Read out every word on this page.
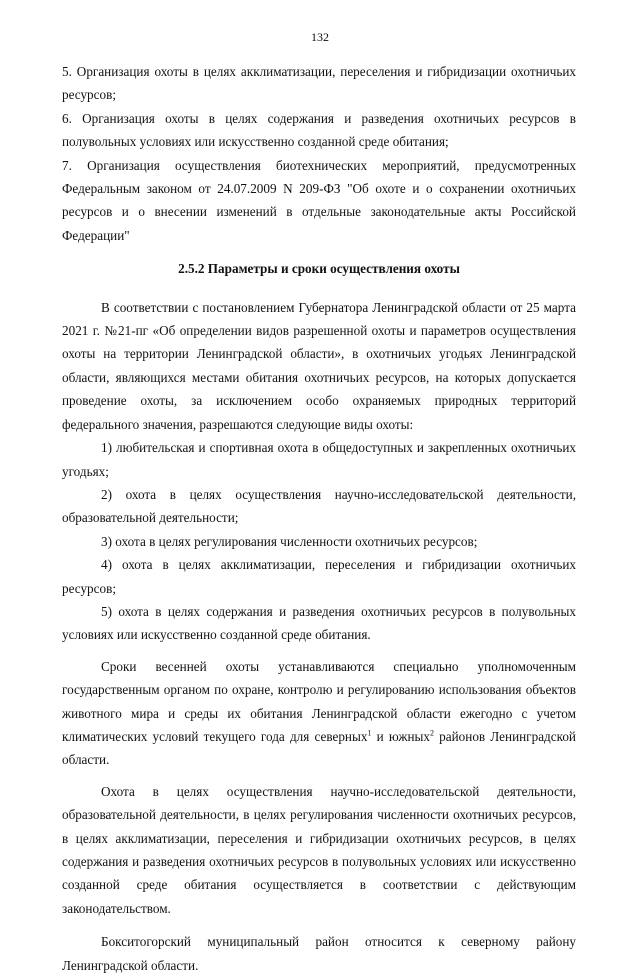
132

5. Организация охоты в целях акклиматизации, переселения и гибридизации охотничьих ресурсов;

6. Организация охоты в целях содержания и разведения охотничьих ресурсов в полувольных условиях или искусственно созданной среде обитания;

7. Организация осуществления биотехнических мероприятий, предусмотренных Федеральным законом от 24.07.2009 N 209-ФЗ "Об охоте и о сохранении охотничьих ресурсов и о внесении изменений в отдельные законодательные акты Российской Федерации"

2.5.2 Параметры и сроки осуществления охоты

В соответствии с постановлением Губернатора Ленинградской области от 25 марта 2021 г. №21-пг «Об определении видов разрешенной охоты и параметров осуществления охоты на территории Ленинградской области», в охотничьих угодьях Ленинградской области, являющихся местами обитания охотничьих ресурсов, на которых допускается проведение охоты, за исключением особо охраняемых природных территорий федерального значения, разрешаются следующие виды охоты:

1) любительская и спортивная охота в общедоступных и закрепленных охотничьих угодьях;

2) охота в целях осуществления научно-исследовательской деятельности, образовательной деятельности;

3) охота в целях регулирования численности охотничьих ресурсов;

4) охота в целях акклиматизации, переселения и гибридизации охотничьих ресурсов;

5) охота в целях содержания и разведения охотничьих ресурсов в полувольных условиях или искусственно созданной среде обитания.

Сроки весенней охоты устанавливаются специально уполномоченным государственным органом по охране, контролю и регулированию использования объектов животного мира и среды их обитания Ленинградской области ежегодно с учетом климатических условий текущего года для северных$^1$ и южных$^2$ районов Ленинградской области.

Охота в целях осуществления научно-исследовательской деятельности, образовательной деятельности, в целях регулирования численности охотничьих ресурсов, в целях акклиматизации, переселения и гибридизации охотничьих ресурсов, в целях содержания и разведения охотничьих ресурсов в полувольных условиях или искусственно созданной среде обитания осуществляется в соответствии с действующим законодательством.

Бокситогорский муниципальный район относится к северному району Ленинградской области.
